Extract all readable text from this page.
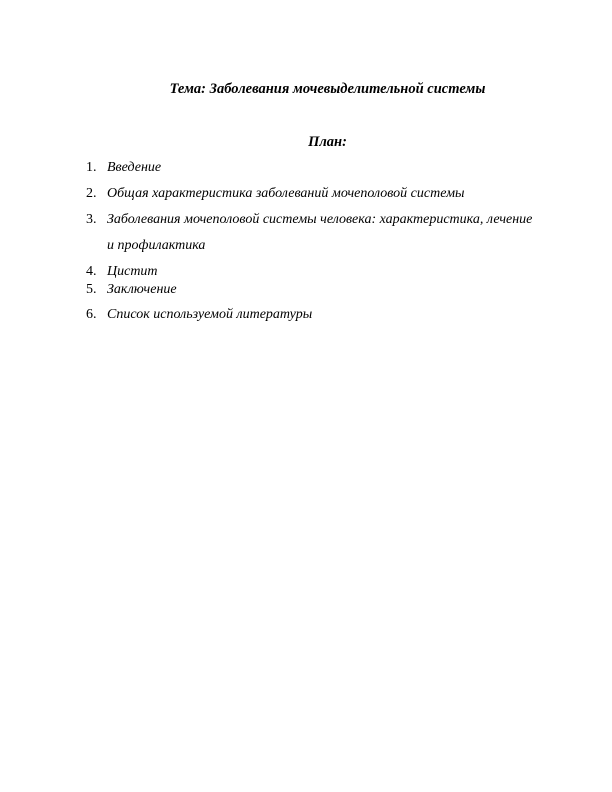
Тема: Заболевания мочевыделительной системы
План:
1. Введение
2. Общая характеристика заболеваний мочеполовой системы
3. Заболевания мочеполовой системы человека: характеристика, лечение
и профилактика
4. Цистит
5. Заключение
6. Список используемой литературы
